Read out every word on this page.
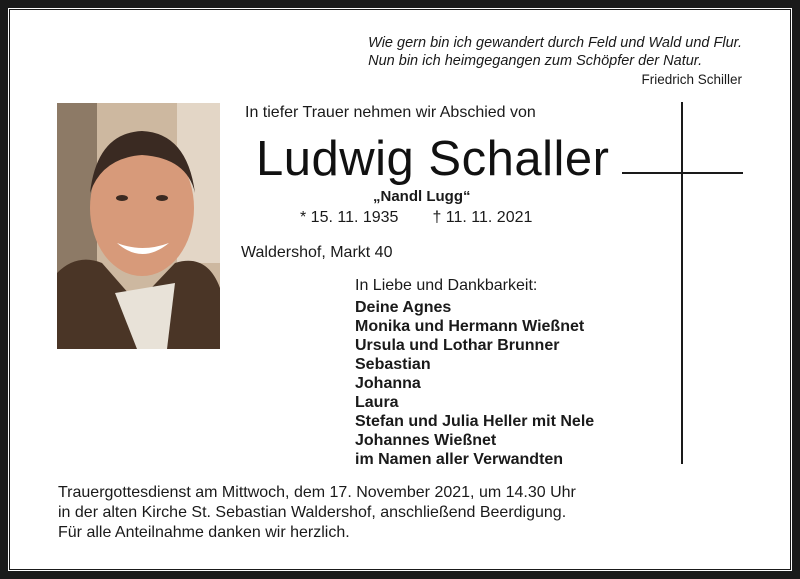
Wie gern bin ich gewandert durch Feld und Wald und Flur.
Nun bin ich heimgegangen zum Schöpfer der Natur.
Friedrich Schiller
In tiefer Trauer nehmen wir Abschied von
Ludwig Schaller
„Nandl Lugg“
* 15. 11. 1935 † 11. 11. 2021
Waldershof, Markt 40
In Liebe und Dankbarkeit:
Deine Agnes
Monika und Hermann Wießnet
Ursula und Lothar Brunner
Sebastian
Johanna
Laura
Stefan und Julia Heller mit Nele
Johannes Wießnet
im Namen aller Verwandten
Trauergottesdienst am Mittwoch, dem 17. November 2021, um 14.30 Uhr
in der alten Kirche St. Sebastian Waldershof, anschließend Beerdigung.
Für alle Anteilnahme danken wir herzlich.
